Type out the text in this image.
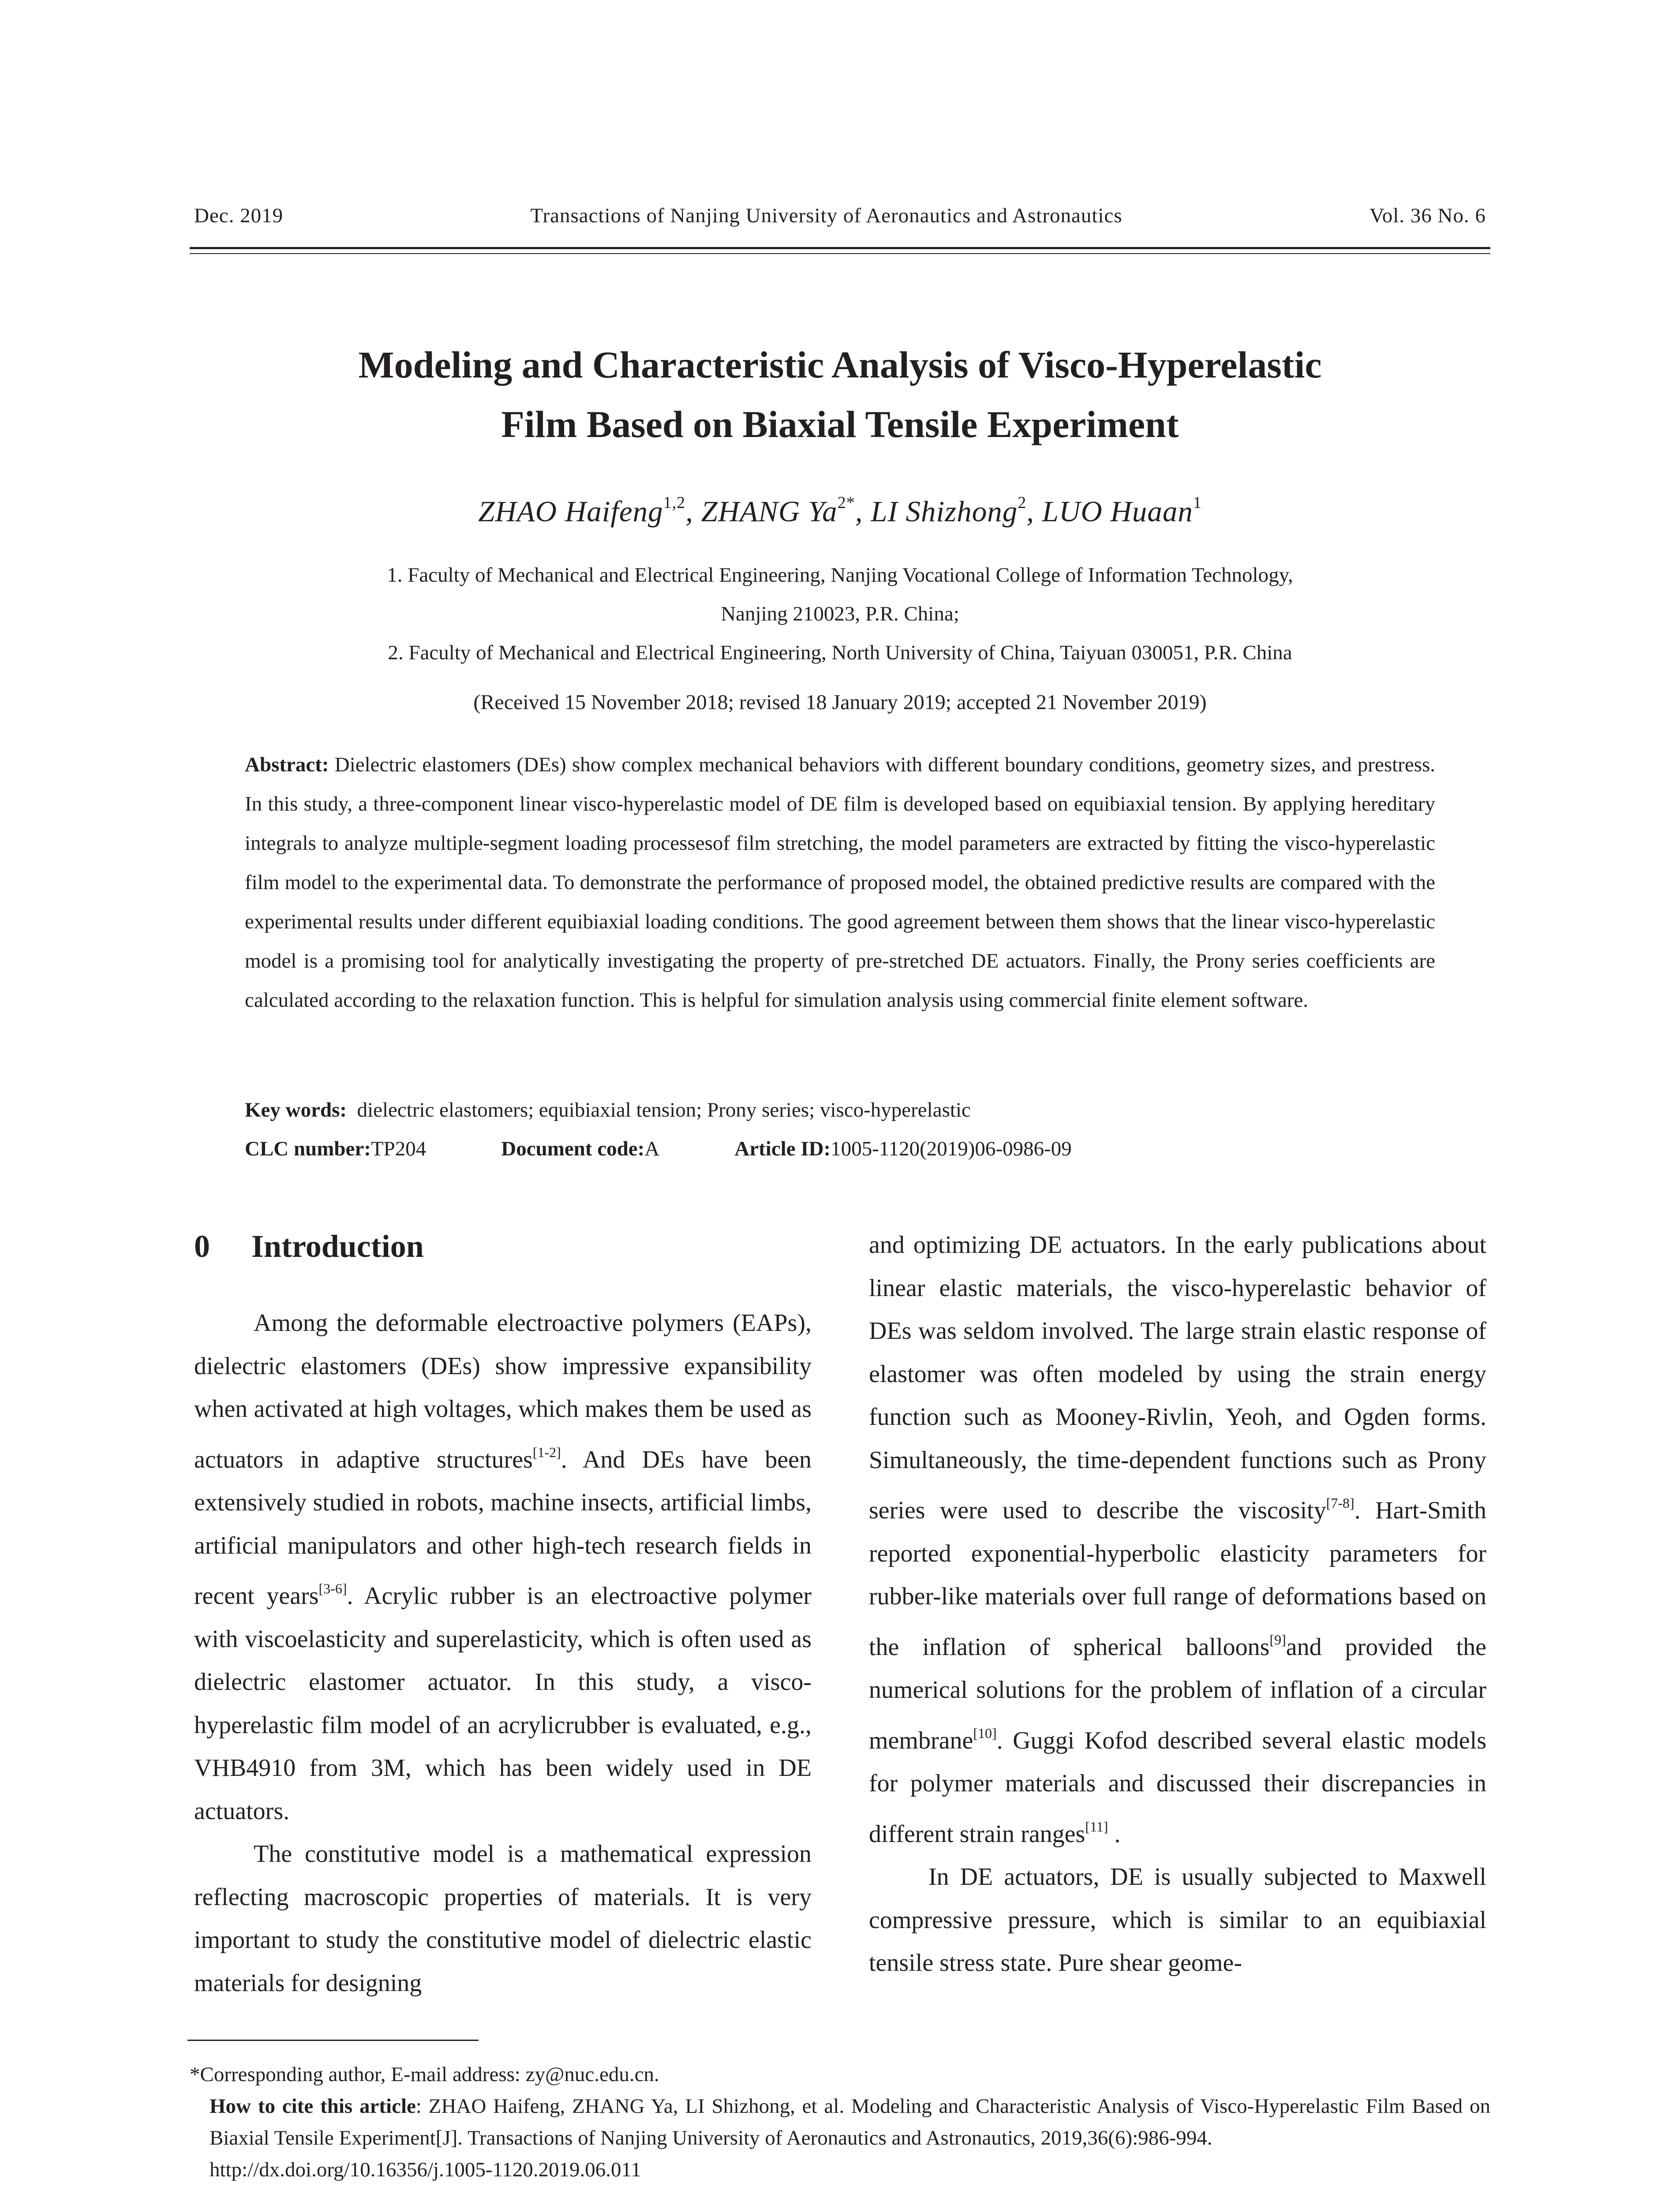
Dec. 2019	Transactions of Nanjing University of Aeronautics and Astronautics	Vol. 36 No. 6
Modeling and Characteristic Analysis of Visco-Hyperelastic
Film Based on Biaxial Tensile Experiment
ZHAO Haifeng$^{1,2}$, ZHANG $Ya^{2*}$, LI Shizhong$^2$, LUO Huaan$^1$
1. Faculty of Mechanical and Electrical Engineering, Nanjing Vocational College of Information Technology,
Nanjing 210023, P.R. China;
2. Faculty of Mechanical and Electrical Engineering, North University of China, Taiyuan 030051, P.R. China
(Received 15 November 2018; revised 18 January 2019; accepted 21 November 2019)
Abstract: Dielectric elastomers (DEs) show complex mechanical behaviors with different boundary conditions, geometry sizes, and prestress. In this study, a three-component linear visco-hyperelastic model of DE film is developed based on equibiaxial tension. By applying hereditary integrals to analyze multiple-segment loading processesof film stretching, the model parameters are extracted by fitting the visco-hyperelastic film model to the experimental data. To demonstrate the performance of proposed model, the obtained predictive results are compared with the experimental results under different equibiaxial loading conditions. The good agreement between them shows that the linear visco-hyperelastic model is a promising tool for analytically investigating the property of pre-stretched DE actuators. Finally, the Prony series coefficients are calculated according to the relaxation function. This is helpful for simulation analysis using commercial finite element software.
Key words: dielectric elastomers; equibiaxial tension; Prony series; visco-hyperelastic
CLC number:TP204	Document code:A	Article ID:1005-1120(2019)06-0986-09
0 Introduction

Among the deformable electroactive polymers (EAPs), dielectric elastomers (DEs) show impressive expansibility when activated at high voltages, which makes them be used as actuators in adaptive structures[1-2]. And DEs have been extensively studied in robots, machine insects, artificial limbs, artificial manipulators and other high-tech research fields in recent years[3-6]. Acrylic rubber is an electroactive polymer with viscoelasticity and superelasticity, which is often used as dielectric elastomer actuator. In this study, a visco-hyperelastic film model of an acrylicrubber is evaluated, e.g., VHB4910 from 3M, which has been widely used in DE actuators.

The constitutive model is a mathematical expression reflecting macroscopic properties of materials. It is very important to study the constitutive model of dielectric elastic materials for designing

and optimizing DE actuators. In the early publications about linear elastic materials, the visco-hyperelastic behavior of DEs was seldom involved. The large strain elastic response of elastomer was often modeled by using the strain energy function such as Mooney-Rivlin, Yeoh, and Ogden forms. Simultaneously, the time-dependent functions such as Prony series were used to describe the viscosity[7-8]. Hart-Smith reported exponential-hyperbolic elasticity parameters for rubber-like materials over full range of deformations based on the inflation of spherical balloons[9]and provided the numerical solutions for the problem of inflation of a circular membrane[10]. Guggi Kofod described several elastic models for polymer materials and discussed their discrepancies in different strain ranges[11] .

In DE actuators, DE is usually subjected to Maxwell compressive pressure, which is similar to an equibiaxial tensile stress state. Pure shear geome-

*Corresponding author, E-mail address: zy@nuc.edu.cn.
How to cite this article: ZHAO Haifeng, ZHANG Ya, LI Shizhong, et al. Modeling and Characteristic Analysis of Visco-Hyperelastic Film Based on Biaxial Tensile Experiment[J]. Transactions of Nanjing University of Aeronautics and Astronautics, 2019,36(6):986-994.
http://dx.doi.org/10.16356/j.1005-1120.2019.06.011
